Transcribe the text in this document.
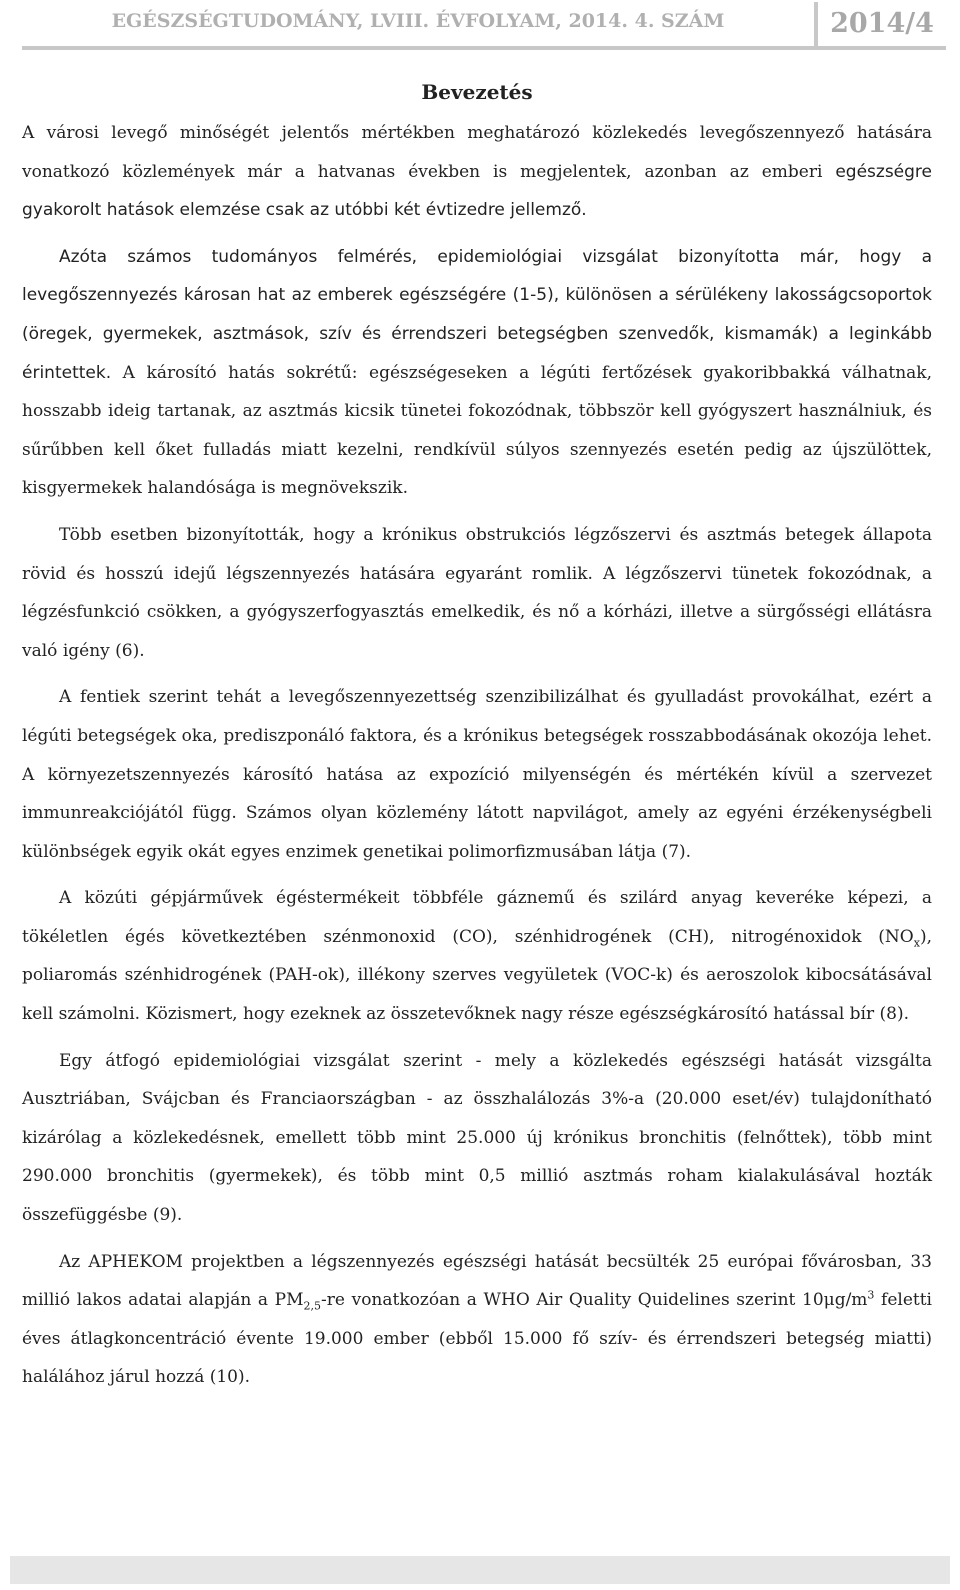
EGÉSZSÉGTUDOMÁNY, LVIII. ÉVFOLYAM, 2014. 4. SZÁM	2014/4
Bevezetés

A városi levegő minőségét jelentős mértékben meghatározó közlekedés levegőszennyező hatására vonatkozó közlemények már a hatvanas években is megjelentek, azonban az emberi egészségre gyakorolt hatások elemzése csak az utóbbi két évtizedre jellemző.

Azóta számos tudományos felmérés, epidemiológiai vizsgálat bizonyította már, hogy a levegőszennyezés károsan hat az emberek egészségére (1-5), különösen a sérülékeny lakosságcsoportok (öregek, gyermekek, asztmások, szív és érrendszeri betegségben szenvedők, kismamák) a leginkább érintettek. A károsító hatás sokrétű: egészségeseken a légúti fertőzések gyakoribbakká válhatnak, hosszabb ideig tartanak, az asztmás kicsik tünetei fokozódnak, többször kell gyógyszert használniuk, és sűrűbben kell őket fulladás miatt kezelni, rendkívül súlyos szennyezés esetén pedig az újszülöttek, kisgyermekek halandósága is megnövekszik.

Több esetben bizonyították, hogy a krónikus obstrukciós légzőszervi és asztmás betegek állapota rövid és hosszú idejű légszennyezés hatására egyaránt romlik. A légzőszervi tünetek fokozódnak, a légzésfunkció csökken, a gyógyszerfogyasztás emelkedik, és nő a kórházi, illetve a sürgősségi ellátásra való igény (6).

A fentiek szerint tehát a levegőszennyezettség szenzibilizálhat és gyulladást provokálhat, ezért a légúti betegségek oka, prediszponáló faktora, és a krónikus betegségek rosszabbodásának okozója lehet. A környezetszennyezés károsító hatása az expozíció milyenségén és mértékén kívül a szervezet immunreakciójától függ. Számos olyan közlemény látott napvilágot, amely az egyéni érzékenységbeli különbségek egyik okát egyes enzimek genetikai polimorfizmusában látja (7).

A közúti gépjárművek égéstermékeit többféle gáznemű és szilárd anyag keveréke képezi, a tökéletlen égés következtében szénmonoxid (CO), szénhidrogének (CH), nitrogénoxidok $(NO_x)$, poliaromás szénhidrogének (PAH-ok), illékony szerves vegyületek (VOC-k) és aeroszolok kibocsátásával kell számolni. Közismert, hogy ezeknek az összetevőknek nagy része egészségkárosító hatással bír (8).

Egy átfogó epidemiológiai vizsgálat szerint - mely a közlekedés egészségi hatását vizsgálta Ausztriában, Svájcban és Franciaországban - az összhalálozás 3%-a (20.000 eset/év) tulajdonítható kizárólag a közlekedésnek, emellett több mint 25.000 új krónikus bronchitis (felnőttek), több mint 290.000 bronchitis (gyermekek), és több mint 0,5 millió asztmás roham kialakulásával hozták összefüggésbe (9).

Az APHEKOM projektben a légszennyezés egészségi hatását becsülték 25 európai fővárosban, 33 millió lakos adatai alapján a $PM_{2,5}-re$ vonatkozóan a WHO Air Quality Quidelines szerint $10\mu g/m^3$ feletti éves átlagkoncentráció évente 19.000 ember (ebből 15.000 fő szív- és érrendszeri betegség miatti) halálához járul hozzá (10).
